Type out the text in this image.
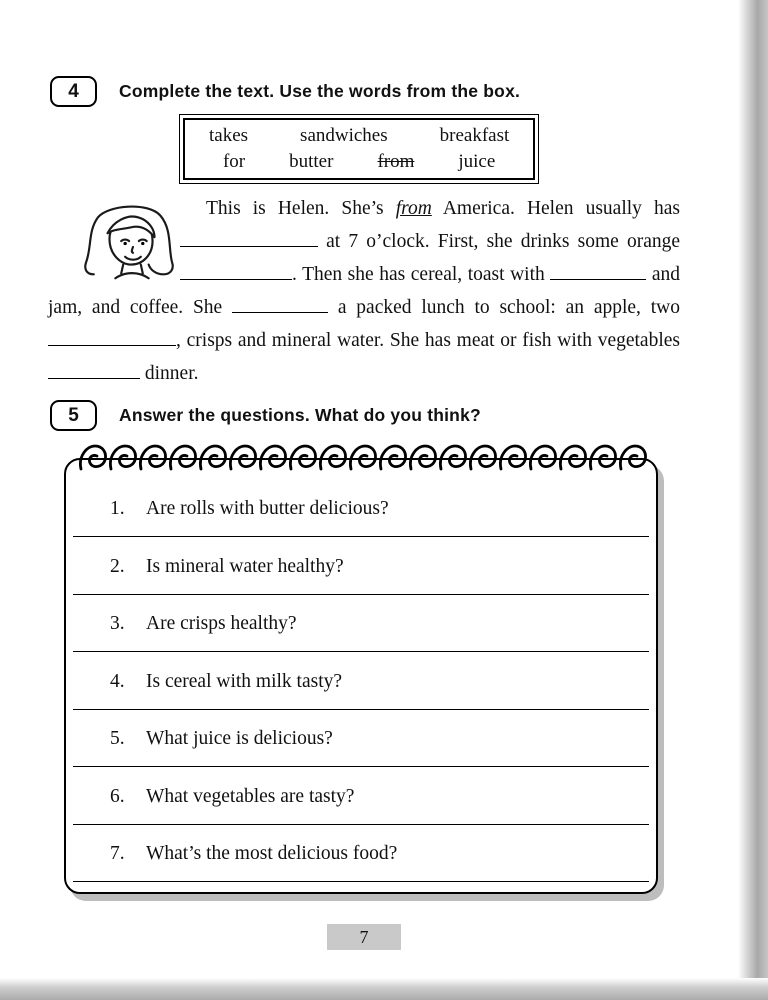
4 Complete the text. Use the words from the box.
takes	sandwiches	breakfast
for butter from juice
This is Helen. She’s from America. Helen usually has  at 7 o’clock. First, she drinks some orange . Then she has cereal, toast with	and jam, and coffee. She	a packed lunch to school: an apple, two , crisps and mineral water. She has meat or fish with vegetables  dinner.
5 Answer the questions. What do you think?
1. Are rolls with butter delicious?
2. Is mineral water healthy?
3. Are crisps healthy?
4. Is cereal with milk tasty?
5. What juice is delicious?
6. What vegetables are tasty?
7. What’s the most delicious food?
7
